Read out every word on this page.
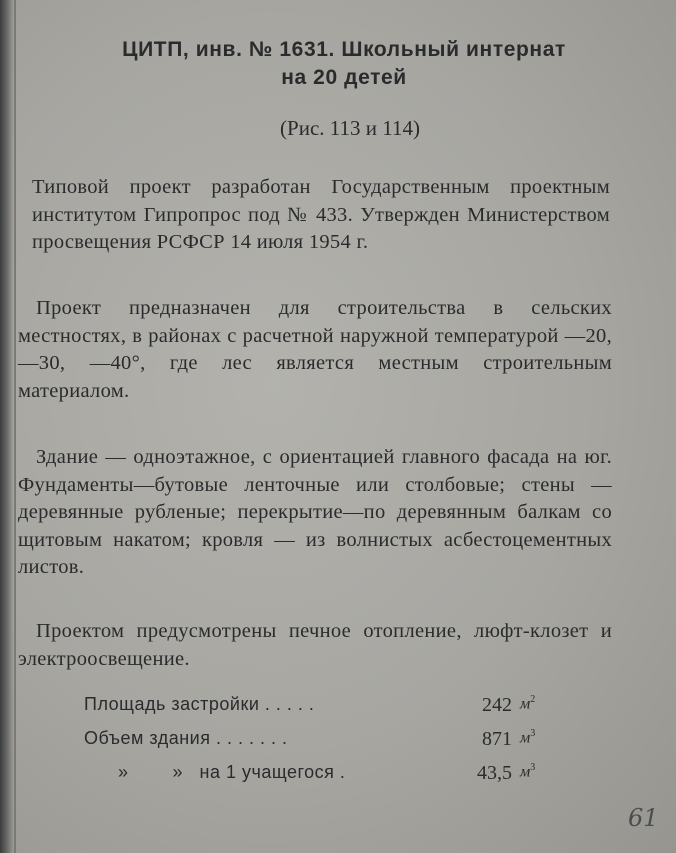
ЦИТП, инв. № 1631. Школьный интернат
на 20 детей
(Рис. 113 и 114)
Типовой проект разработан Государственным проектным институтом Гипропрос под № 433. Утвержден Министерством просвещения РСФСР 14 июля 1954 г.
Проект предназначен для строительства в сельских местностях, в районах с расчетной наружной температурой —20, —30, —40°, где лес является местным строительным материалом.
Здание — одноэтажное, с ориентацией главного фасада на юг. Фундаменты—бутовые ленточные или столбовые; стены — деревянные рубленые; перекрытие—по деревянным балкам со щитовым накатом; кровля — из волнистых асбестоцементных листов.
Проектом предусмотрены печное отопление, люфт-клозет и электроосвещение.
Площадь застройки . . . . .	242 $м^2$
Объем здания . . . . . . .	871 $м^3$
»        »   на 1 учащегося .	43,5 $м^3$
61
